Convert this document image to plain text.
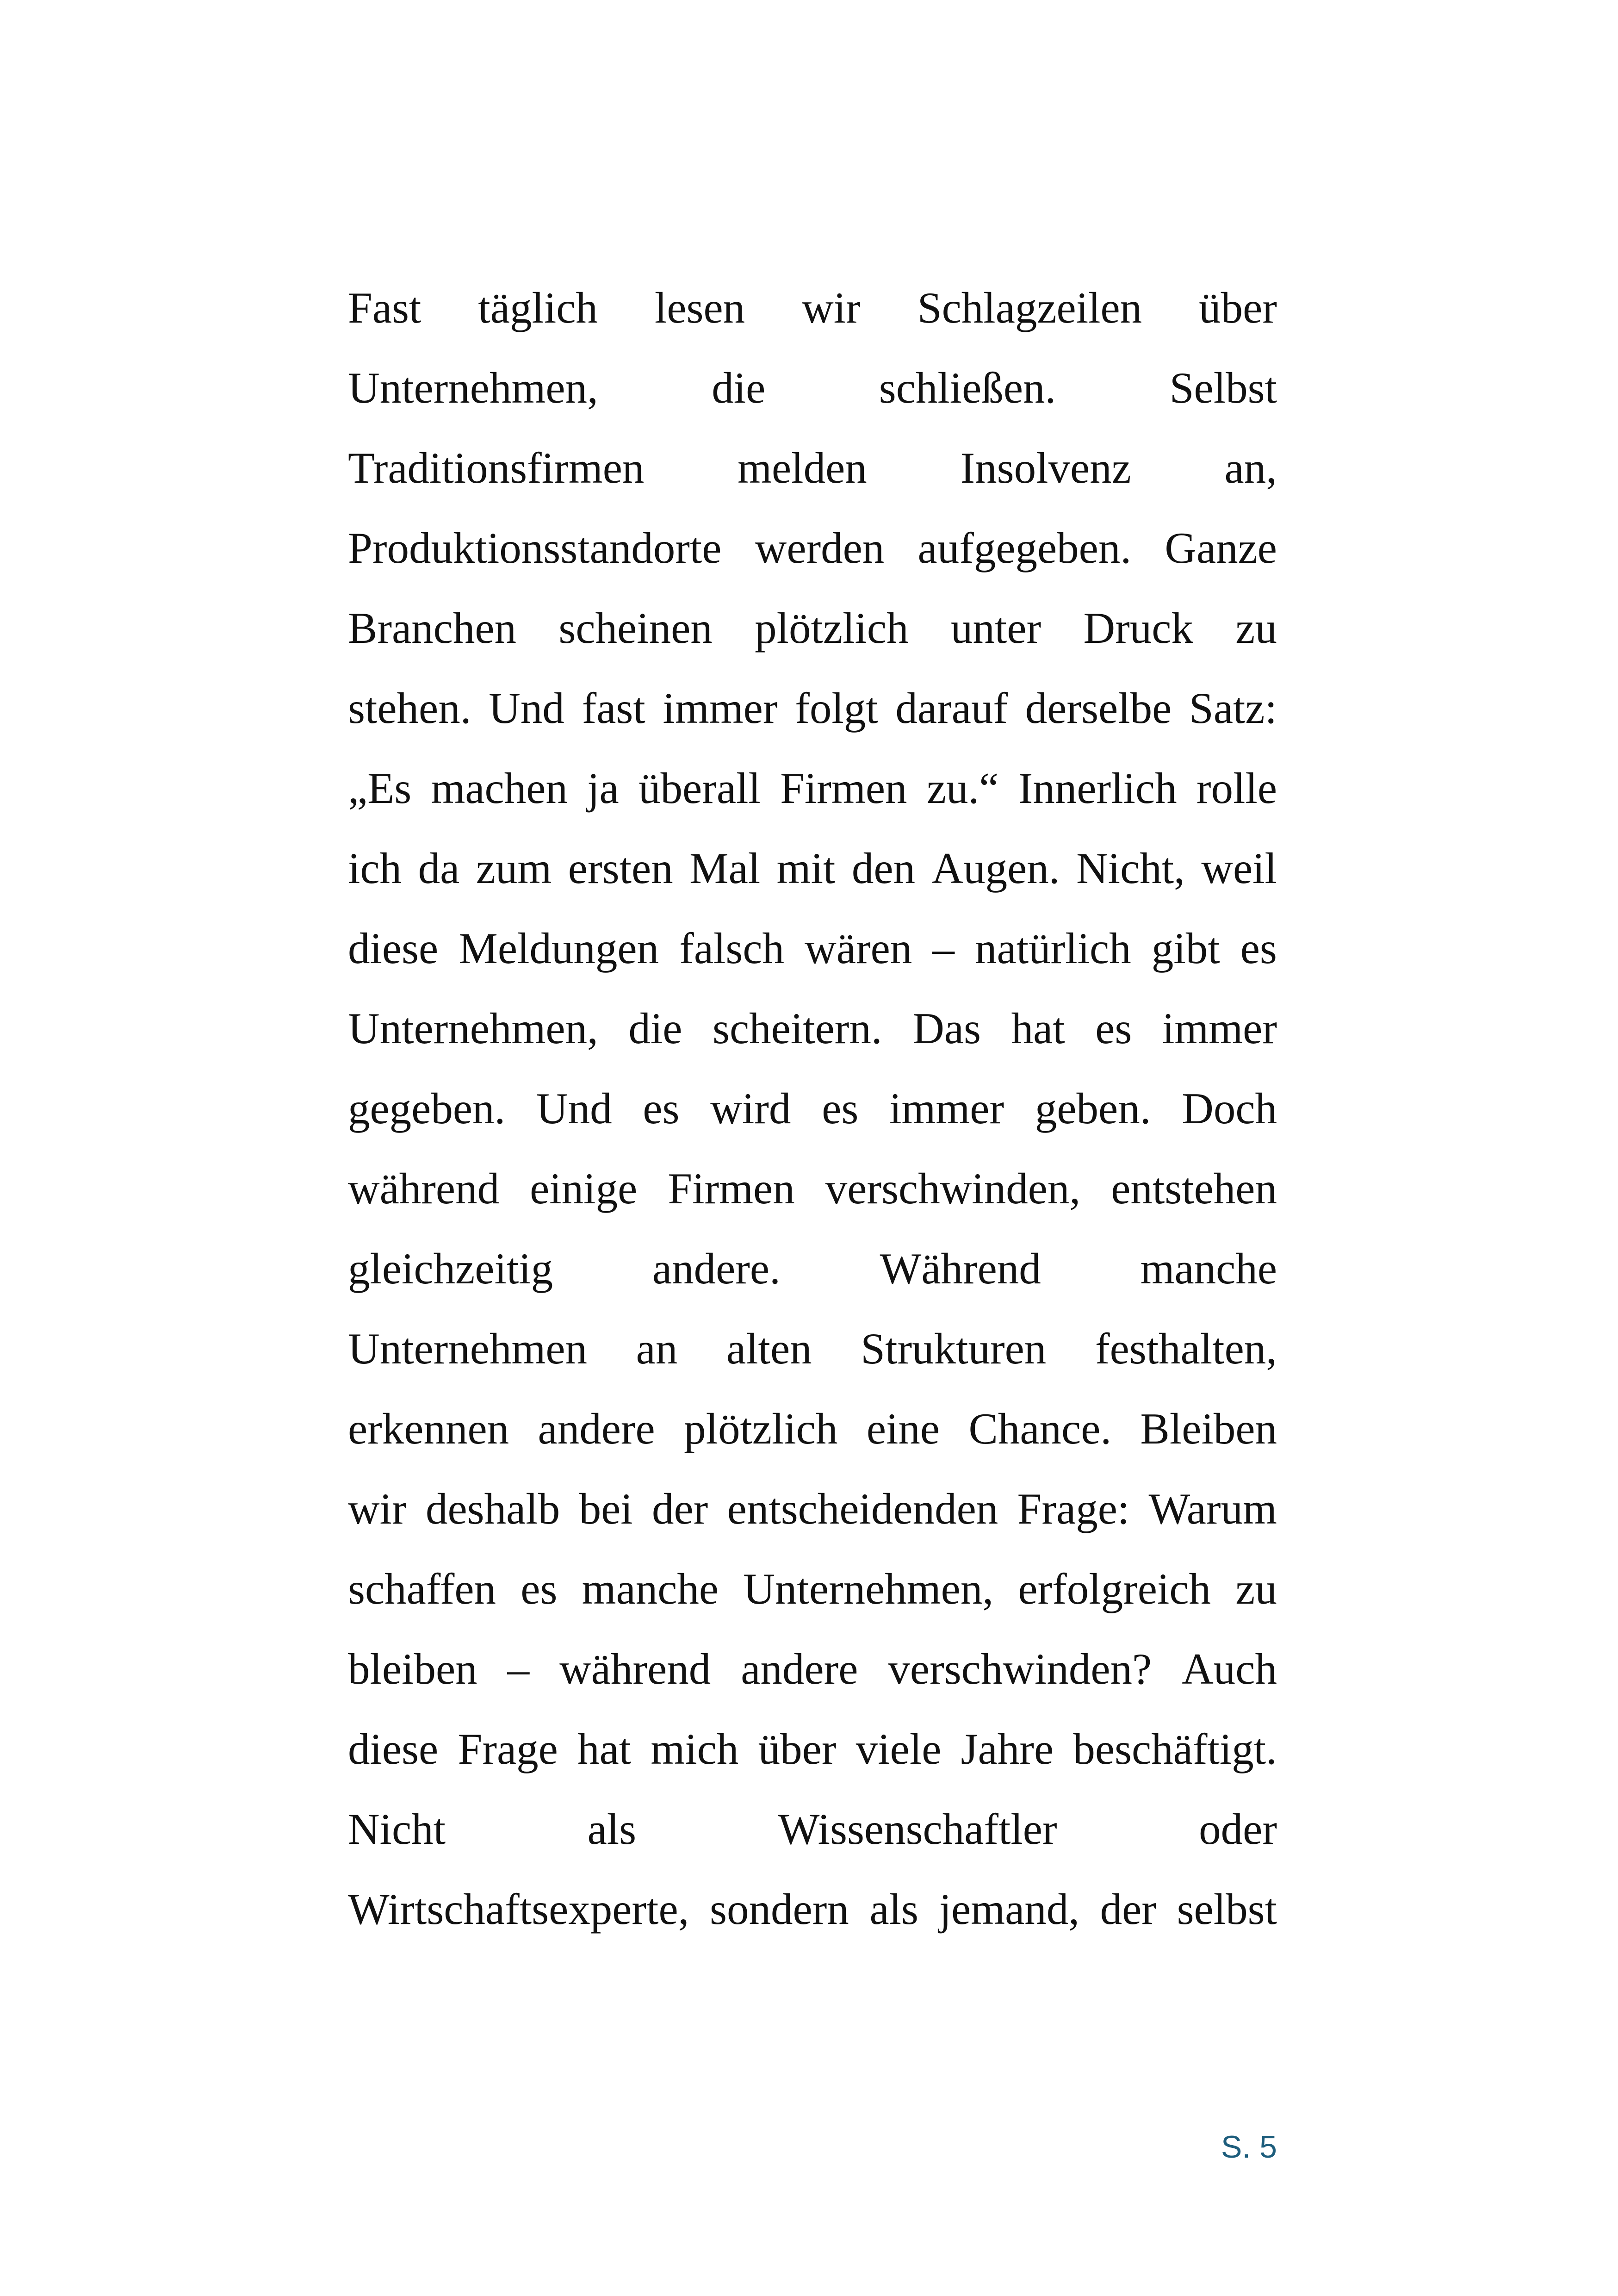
Fast täglich lesen wir Schlagzeilen über
Unternehmen,	die	schließen.	Selbst
Traditionsfirmen melden Insolvenz an,
Produktionsstandorte werden aufgegeben. Ganze
Branchen scheinen plötzlich unter Druck zu
stehen. Und fast immer folgt darauf derselbe Satz:
„Es machen ja überall Firmen zu.“ Innerlich rolle
ich da zum ersten Mal mit den Augen. Nicht, weil
diese Meldungen falsch wären – natürlich gibt es
Unternehmen, die scheitern. Das hat es immer
gegeben. Und es wird es immer geben. Doch
während einige Firmen verschwinden, entstehen
gleichzeitig andere. Während manche
Unternehmen an alten Strukturen festhalten,
erkennen andere plötzlich eine Chance. Bleiben
wir deshalb bei der entscheidenden Frage: Warum
schaffen es manche Unternehmen, erfolgreich zu
bleiben – während andere verschwinden? Auch
diese Frage hat mich über viele Jahre beschäftigt.
Nicht	als	Wissenschaftler	oder
Wirtschaftsexperte, sondern als jemand, der selbst
S. 5
